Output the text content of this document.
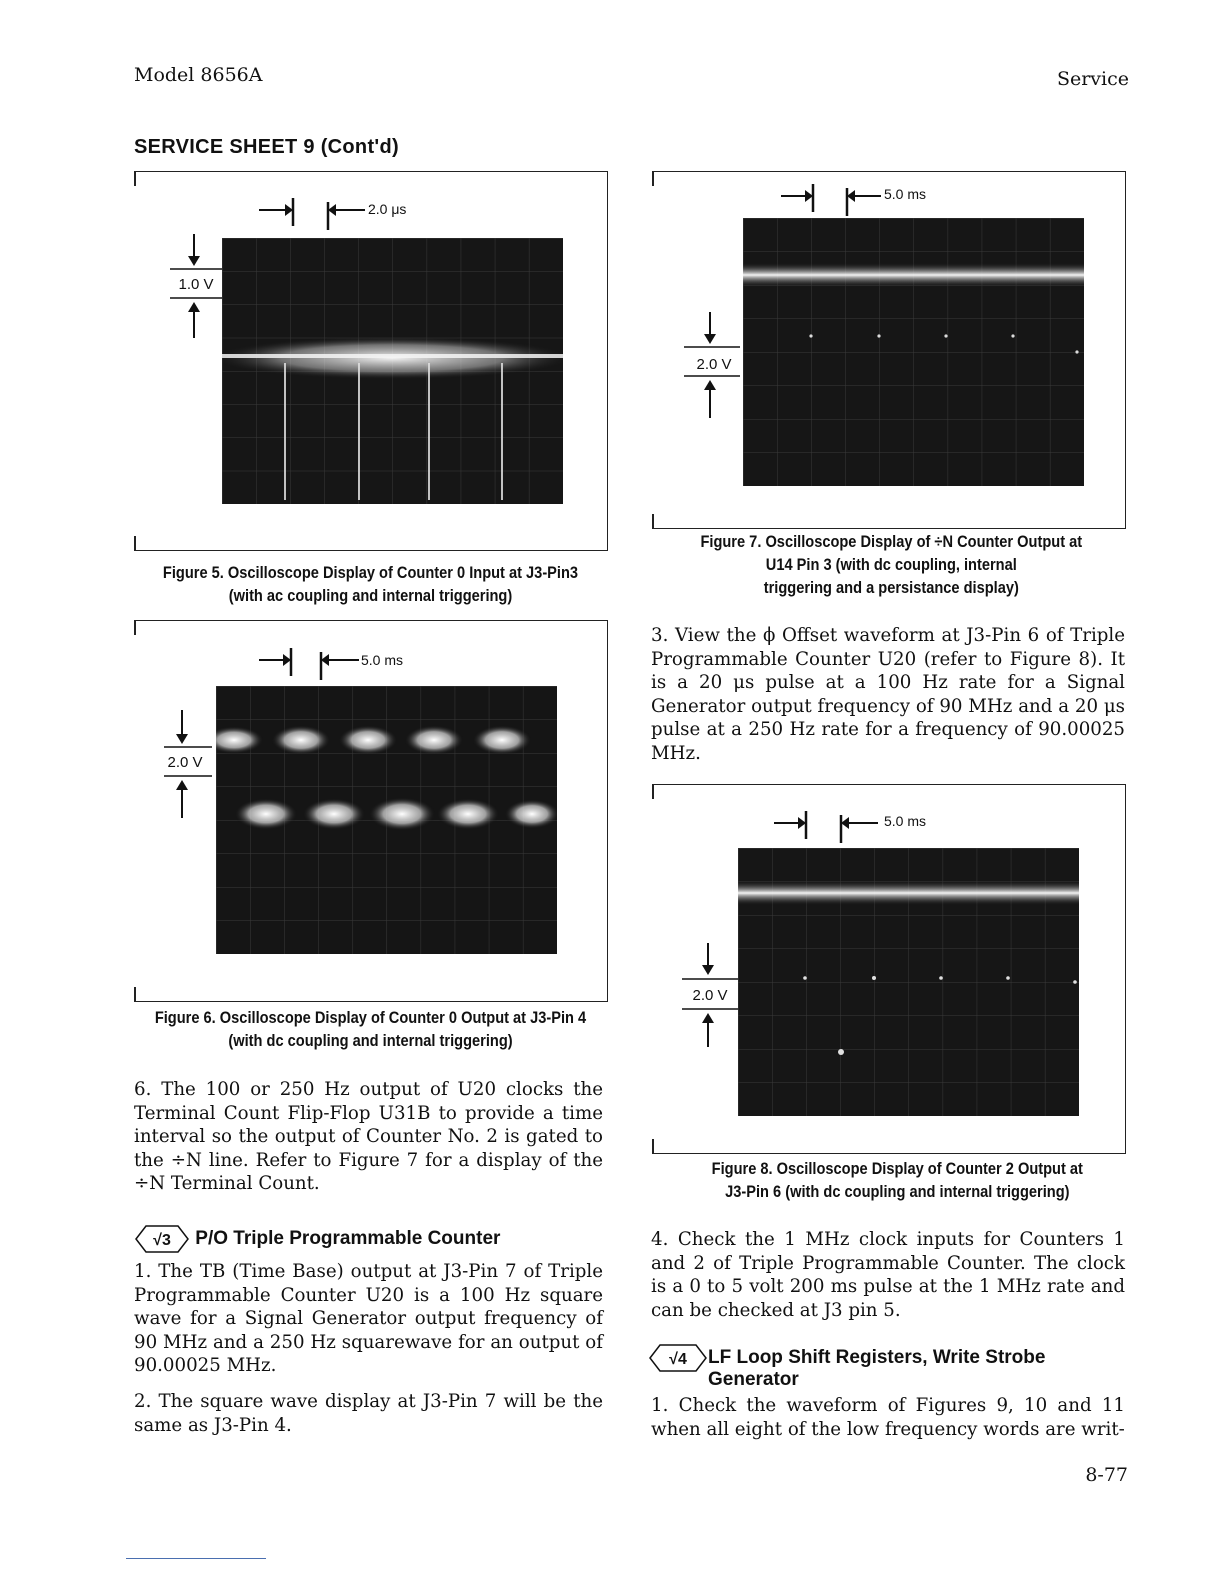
Model 8656A	Service
SERVICE SHEET 9 (Cont'd)
2.0 μs
1.0 V
Figure 5. Oscilloscope Display of Counter 0 Input at J3-Pin3
(with ac coupling and internal triggering)
5.0 ms
2.0 V
Figure 6. Oscilloscope Display of Counter 0 Output at J3-Pin 4
(with dc coupling and internal triggering)

6. The 100 or 250 Hz output of U20 clocks the Terminal Count Flip-Flop U31B to provide a time interval so the output of Counter No. 2 is gated to the ÷N line. Refer to Figure 7 for a display of the ÷N Terminal Count.

√3 P/O Triple Programmable Counter

1. The TB (Time Base) output at J3-Pin 7 of Triple Programmable Counter U20 is a 100 Hz square wave for a Signal Generator output frequency of 90 MHz and a 250 Hz squarewave for an output of 90.00025 MHz.

2. The square wave display at J3-Pin 7 will be the same as J3-Pin 4.

5.0 ms
2.0 V
Figure 7. Oscilloscope Display of ÷N Counter Output at
U14 Pin 3 (with dc coupling, internal
triggering and a persistance display)

3. View the ϕ Offset waveform at J3-Pin 6 of Triple Programmable Counter U20 (refer to Figure 8). It is a 20 μs pulse at a 100 Hz rate for a Signal Generator output frequency of 90 MHz and a 20 μs pulse at a 250 Hz rate for a frequency of 90.00025 MHz.

5.0 ms
2.0 V
Figure 8. Oscilloscope Display of Counter 2 Output at
J3-Pin 6 (with dc coupling and internal triggering)

4. Check the 1 MHz clock inputs for Counters 1 and 2 of Triple Programmable Counter. The clock is a 0 to 5 volt 200 ms pulse at the 1 MHz rate and can be checked at J3 pin 5.

√4 LF Loop Shift Registers, Write Strobe
Generator

1. Check the waveform of Figures 9, 10 and 11 when all eight of the low frequency words are writ-

8-77
